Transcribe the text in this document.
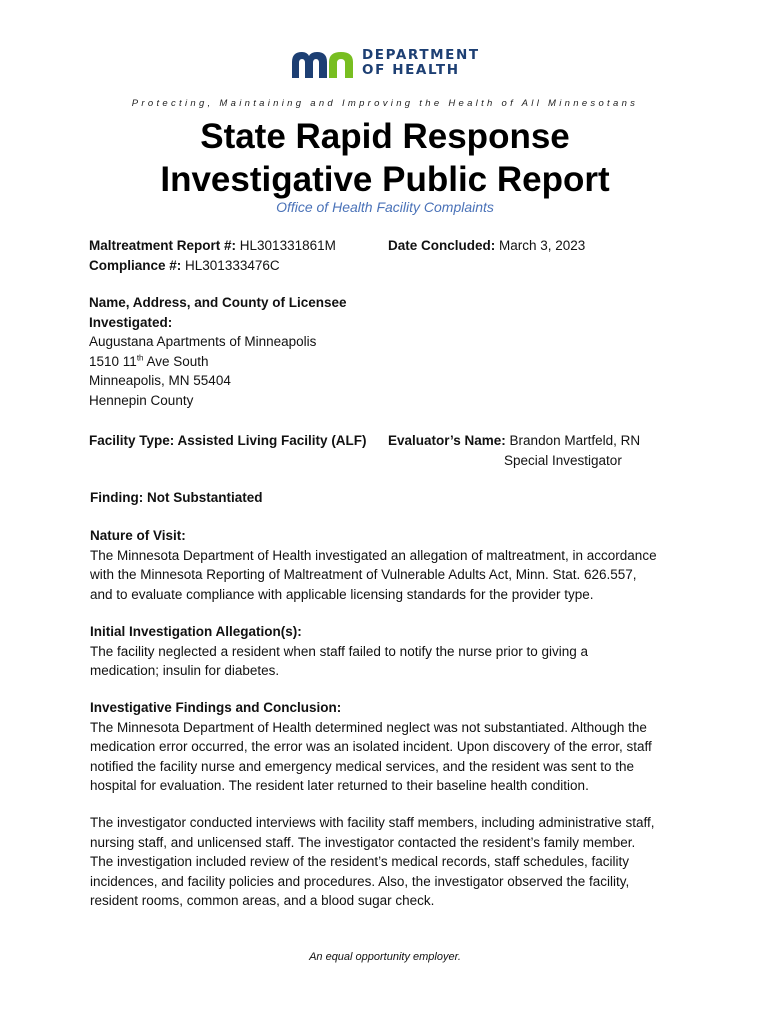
DEPARTMENT
OF HEALTH
Protecting, Maintaining and Improving the Health of All Minnesotans
State Rapid Response
Investigative Public Report
Office of Health Facility Complaints
Maltreatment Report #: HL301331861M
Compliance #: HL301333476C
Date Concluded: March 3, 2023
Name, Address, and County of Licensee
Investigated:
Augustana Apartments of Minneapolis
1510 11th Ave South
Minneapolis, MN 55404
Hennepin County
Facility Type: Assisted Living Facility (ALF) Evaluator’s Name: Brandon Martfeld, RN
Special Investigator
Finding: Not Substantiated
Nature of Visit:
The Minnesota Department of Health investigated an allegation of maltreatment, in accordance
with the Minnesota Reporting of Maltreatment of Vulnerable Adults Act, Minn. Stat. 626.557,
and to evaluate compliance with applicable licensing standards for the provider type.
Initial Investigation Allegation(s):
The facility neglected a resident when staff failed to notify the nurse prior to giving a
medication; insulin for diabetes.
Investigative Findings and Conclusion:
The Minnesota Department of Health determined neglect was not substantiated. Although the
medication error occurred, the error was an isolated incident. Upon discovery of the error, staff
notified the facility nurse and emergency medical services, and the resident was sent to the
hospital for evaluation. The resident later returned to their baseline health condition.
The investigator conducted interviews with facility staff members, including administrative staff,
nursing staff, and unlicensed staff. The investigator contacted the resident’s family member.
The investigation included review of the resident’s medical records, staff schedules, facility
incidences, and facility policies and procedures. Also, the investigator observed the facility,
resident rooms, common areas, and a blood sugar check.
An equal opportunity employer.
